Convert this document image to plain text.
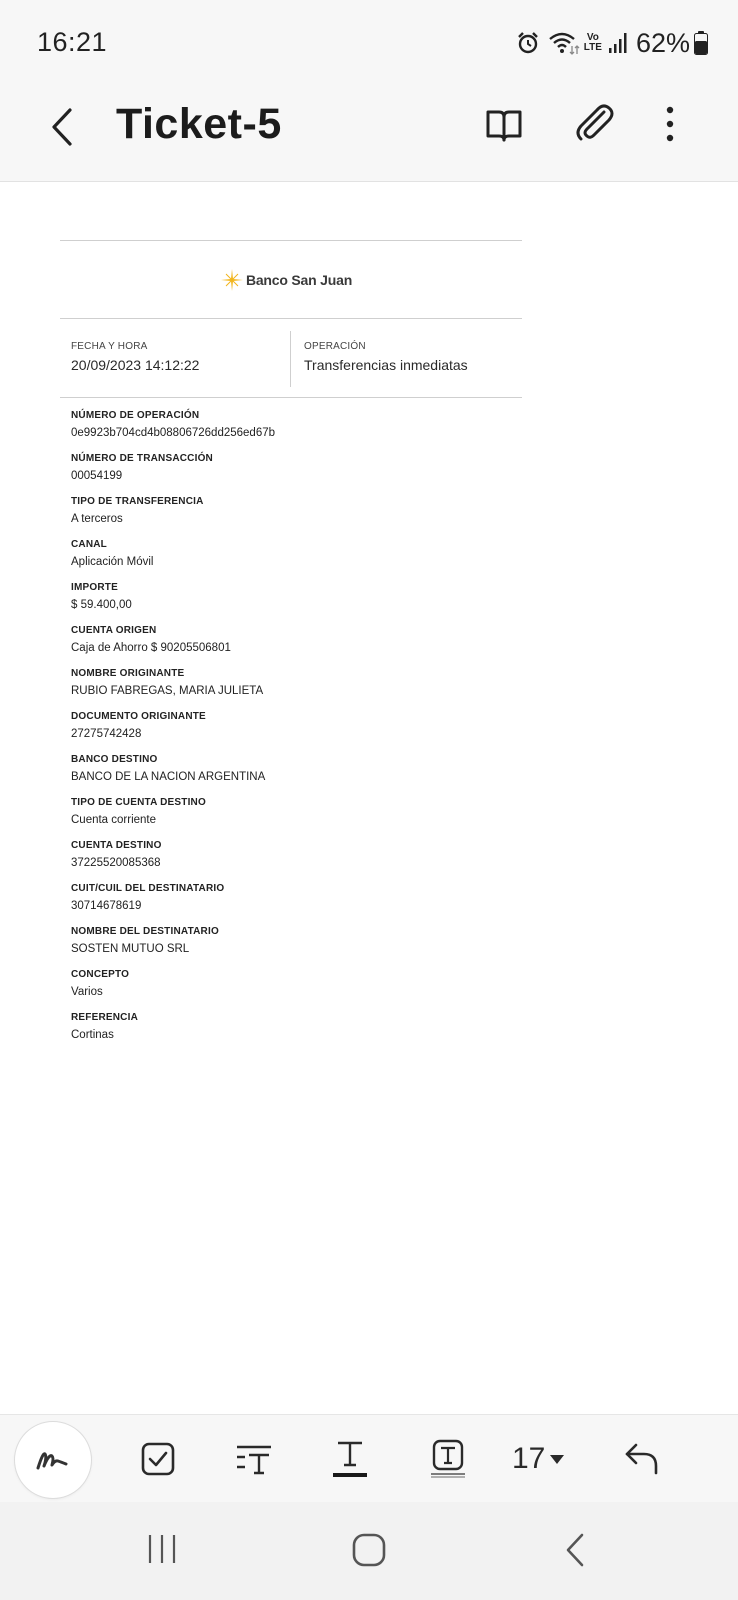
16:21	Vo
LTE 62%
Ticket-5
Banco San Juan
FECHA Y HORA
20/09/2023 14:12:22
OPERACIÓN
Transferencias inmediatas
NÚMERO DE OPERACIÓN
0e9923b704cd4b08806726dd256ed67b
NÚMERO DE TRANSACCIÓN
00054199
TIPO DE TRANSFERENCIA
A terceros
CANAL
Aplicación Móvil
IMPORTE
$ 59.400,00
CUENTA ORIGEN
Caja de Ahorro $ 90205506801
NOMBRE ORIGINANTE
RUBIO FABREGAS, MARIA JULIETA
DOCUMENTO ORIGINANTE
27275742428
BANCO DESTINO
BANCO DE LA NACION ARGENTINA
TIPO DE CUENTA DESTINO
Cuenta corriente
CUENTA DESTINO
37225520085368
CUIT/CUIL DEL DESTINATARIO
30714678619
NOMBRE DEL DESTINATARIO
SOSTEN MUTUO SRL
CONCEPTO
Varios
REFERENCIA
Cortinas
17
